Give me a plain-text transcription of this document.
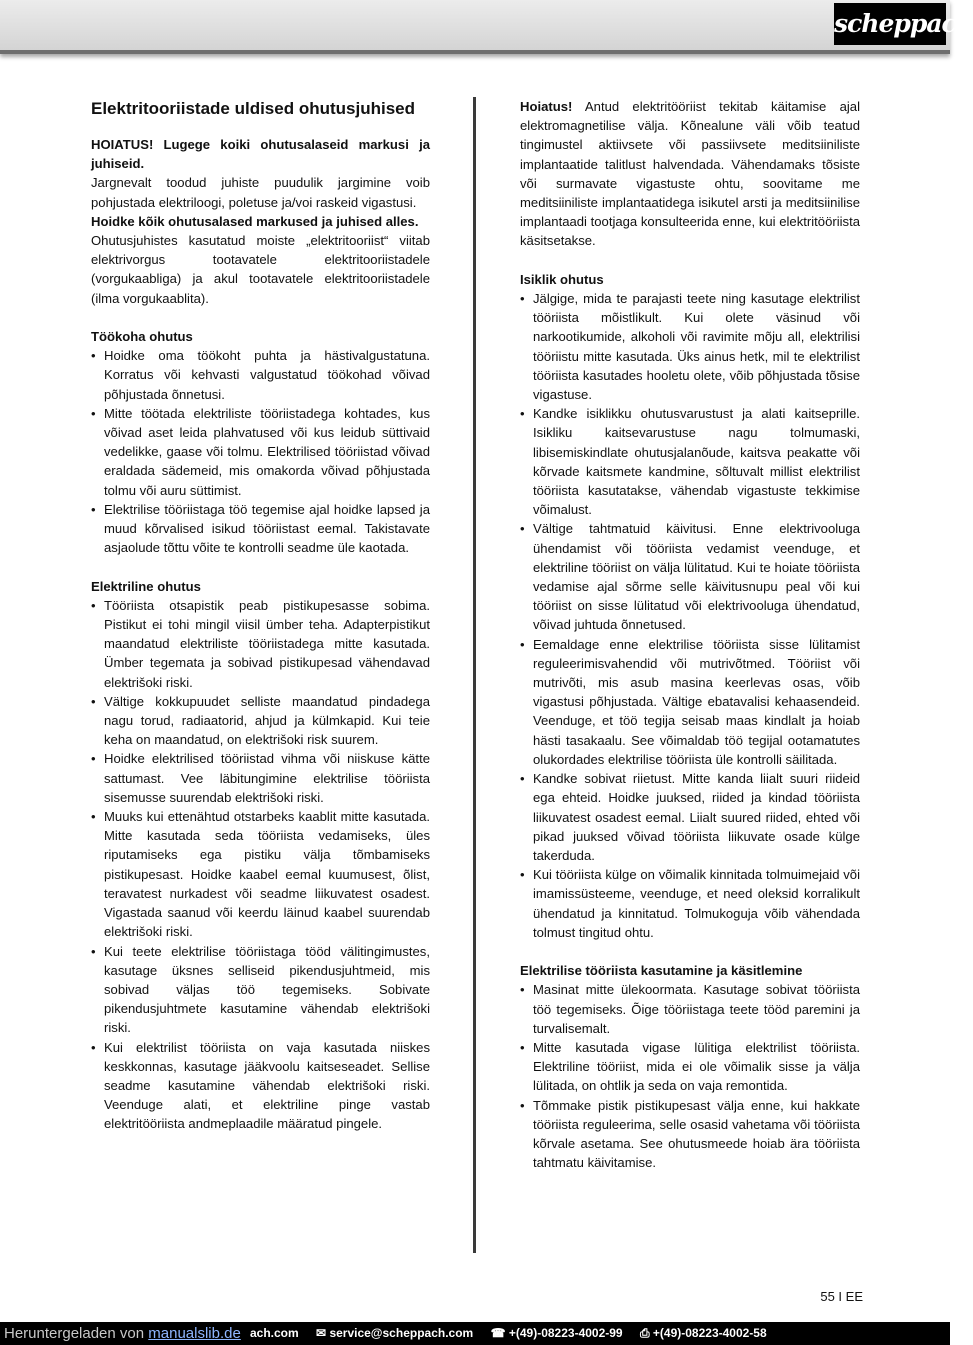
scheppach
Elektritooriistade uldised ohutusjuhised

HOIATUS! Lugege koiki ohutusalaseid markusi ja juhiseid.

Jargnevalt toodud juhiste puudulik jargimine voib pohjustada elektriloogi, poletuse ja/voi raskeid vigastusi.

Hoidke kõik ohutusalased markused ja juhised alles.

Ohutusjuhistes kasutatud moiste „elektritooriist“ viitab elektrivorgus tootavatele elektritooriistadele (vorgukaabliga) ja akul tootavatele elektritooriistadele (ilma vorgukaablita).

Töökoha ohutus
• Hoidke oma töökoht puhta ja hästivalgustatuna. Korratus või kehvasti valgustatud töökohad võivad põhjustada õnnetusi.
• Mitte töötada elektriliste tööriistadega kohtades, kus võivad aset leida plahvatused või kus leidub süttivaid vedelikke, gaase või tolmu. Elektrilised tööriistad võivad eraldada sädemeid, mis omakorda võivad põhjustada tolmu või auru süttimist.
• Elektrilise tööriistaga töö tegemise ajal hoidke lapsed ja muud kõrvalised isikud tööriistast eemal. Takistavate asjaolude tõttu võite te kontrolli seadme üle kaotada.
Elektriline ohutus
• Tööriista otsapistik peab pistikupesasse sobima. Pistikut ei tohi mingil viisil ümber teha. Adapterpistikut maandatud elektriliste tööriistadega mitte kasutada. Ümber tegemata ja sobivad pistikupesad vähendavad elektrišoki riski.
• Vältige kokkupuudet selliste maandatud pindadega nagu torud, radiaatorid, ahjud ja külmkapid. Kui teie keha on maandatud, on elektrišoki risk suurem.
• Hoidke elektrilised tööriistad vihma või niiskuse kätte sattumast. Vee läbitungimine elektrilise tööriista sisemusse suurendab elektrišoki riski.
• Muuks kui ettenähtud otstarbeks kaablit mitte kasutada. Mitte kasutada seda tööriista vedamiseks, üles riputamiseks ega pistiku välja tõmbamiseks pistikupesast. Hoidke kaabel eemal kuumusest, õlist, teravatest nurkadest või seadme liikuvatest osadest. Vigastada saanud või keerdu läinud kaabel suurendab elektrišoki riski.
• Kui teete elektrilise tööriistaga tööd välitingimustes, kasutage üksnes selliseid pikendusjuhtmeid, mis sobivad väljas töö tegemiseks. Sobivate pikendusjuhtmete kasutamine vähendab elektrišoki riski.
• Kui elektrilist tööriista on vaja kasutada niiskes keskkonnas, kasutage jääkvoolu kaitseseadet. Sellise seadme kasutamine vähendab elektrišoki riski. Veenduge alati, et elektriline pinge vastab elektritööriista andmeplaadile määratud pingele.

Hoiatus! Antud elektritööriist tekitab käitamise ajal elektromagnetilise välja. Kõnealune väli võib teatud tingimustel aktiivsete või passiivsete meditsiiniliste implantaatide talitlust halvendada. Vähendamaks tõsiste või surmavate vigastuste ohtu, soovitame me meditsiiniliste implantaatidega isikutel arsti ja meditsiinilise implantaadi tootjaga konsulteerida enne, kui elektritööriista käsitsetakse.

Isiklik ohutus
• Jälgige, mida te parajasti teete ning kasutage elektrilist tööriista mõistlikult. Kui olete väsinud või narkootikumide, alkoholi või ravimite mõju all, elektrilisi tööriistu mitte kasutada. Üks ainus hetk, mil te elektrilist tööriista kasutades hooletu olete, võib põhjustada tõsise vigastuse.
• Kandke isiklikku ohutusvarustust ja alati kaitseprille. Isikliku kaitsevarustuse nagu tolmumaski, libisemiskindlate ohutusjalanõude, kaitsva peakatte või kõrvade kaitsmete kandmine, sõltuvalt millist elektrilist tööriista kasutatakse, vähendab vigastuste tekkimise võimalust.
• Vältige tahtmatuid käivitusi. Enne elektrivooluga ühendamist või tööriista vedamist veenduge, et elektriline tööriist on välja lülitatud. Kui te hoiate tööriista vedamise ajal sõrme selle käivitusnupu peal või kui tööriist on sisse lülitatud või elektrivooluga ühendatud, võivad juhtuda õnnetused.
• Eemaldage enne elektrilise tööriista sisse lülitamist reguleerimisvahendid või mutrivõtmed. Tööriist või mutrivõti, mis asub masina keerlevas osas, võib vigastusi põhjustada. Vältige ebatavalisi kehaasendeid. Veenduge, et töö tegija seisab maas kindlalt ja hoiab hästi tasakaalu. See võimaldab töö tegijal ootamatutes olukordades elektrilise tööriista üle kontrolli säilitada.
• Kandke sobivat riietust. Mitte kanda liialt suuri riideid ega ehteid. Hoidke juuksed, riided ja kindad tööriista liikuvatest osadest eemal. Liialt suured riided, ehted või pikad juuksed võivad tööriista liikuvate osade külge takerduda.
• Kui tööriista külge on võimalik kinnitada tolmuimejaid või imamissüsteeme, veenduge, et need oleksid korralikult ühendatud ja kinnitatud. Tolmukoguja võib vähendada tolmust tingitud ohtu.
Elektrilise tööriista kasutamine ja käsitlemine
• Masinat mitte ülekoormata. Kasutage sobivat tööriista töö tegemiseks. Õige tööriistaga teete tööd paremini ja turvalisemalt.
• Mitte kasutada vigase lülitiga elektrilist tööriista. Elektriline tööriist, mida ei ole võimalik sisse ja välja lülitada, on ohtlik ja seda on vaja remontida.
• Tõmmake pistik pistikupesast välja enne, kui hakkate tööriista reguleerima, selle osasid vahetama või tööriista kõrvale asetama. See ohutusmeede hoiab ära tööriista tahtmatu käivitamise.
55 I EE
ach.com ✉ service@scheppach.com ☎ +(49)-08223-4002-99 ⎙ +(49)-08223-4002-58
Heruntergeladen von manualslib.de
